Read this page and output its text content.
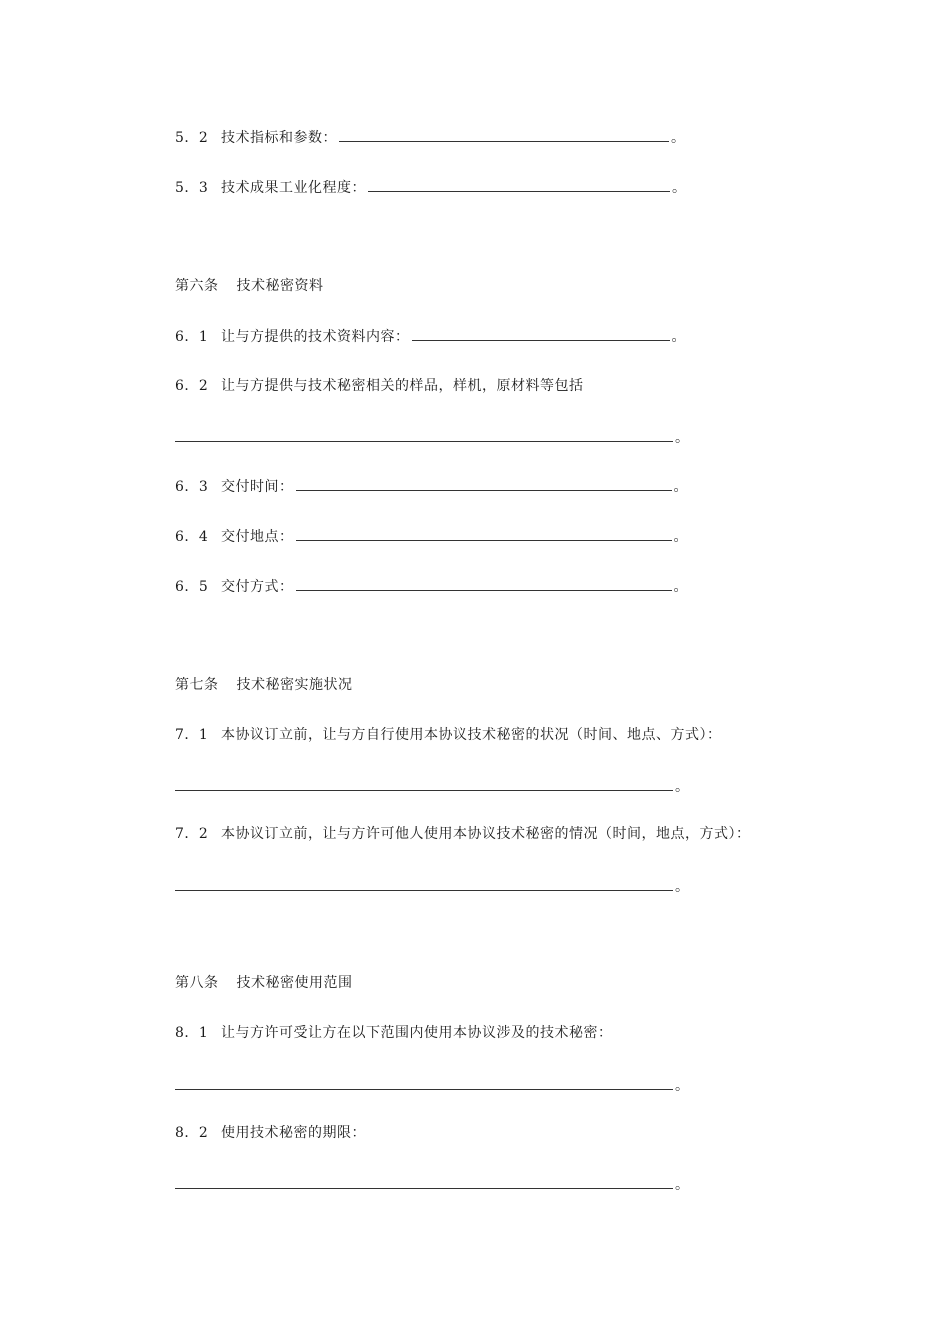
5．2 技术指标和参数：	。
5．3 技术成果工业化程度：	。
第六条 技术秘密资料
6．1 让与方提供的技术资料内容：	。
6．2 让与方提供与技术秘密相关的样品，样机，原材料等包括
。
6．3 交付时间：	。
6．4 交付地点：	。
6．5 交付方式：	。
第七条 技术秘密实施状况
7．1 本协议订立前，让与方自行使用本协议技术秘密的状况（时间、地点、方式）：
。
7．2 本协议订立前，让与方许可他人使用本协议技术秘密的情况（时间，地点，方式）：
。
第八条 技术秘密使用范围
8．1 让与方许可受让方在以下范围内使用本协议涉及的技术秘密：
。
8．2 使用技术秘密的期限：
。
